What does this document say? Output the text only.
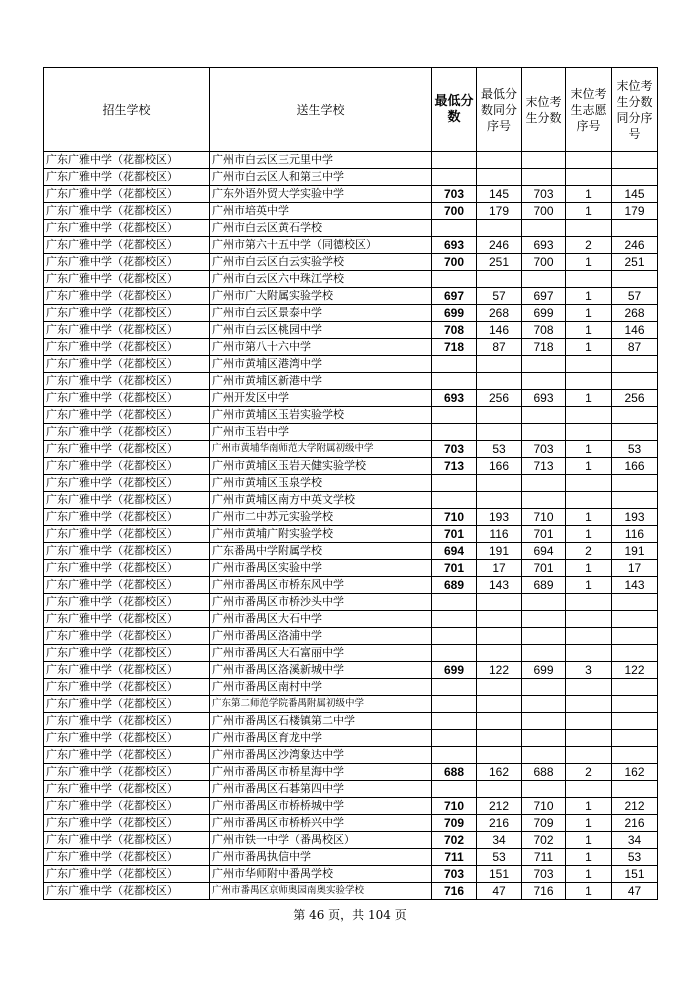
招生学校	送生学校	最低分数	最低分数同分序号	末位考生分数	末位考生志愿序号	末位考生分数同分序号
广东广雅中学（花都校区）	广州市白云区三元里中学					
广东广雅中学（花都校区）	广州市白云区人和第三中学					
广东广雅中学（花都校区）	广东外语外贸大学实验中学	703	145	703	1	145
广东广雅中学（花都校区）	广州市培英中学	700	179	700	1	179
广东广雅中学（花都校区）	广州市白云区黄石学校					
广东广雅中学（花都校区）	广州市第六十五中学（同德校区）	693	246	693	2	246
广东广雅中学（花都校区）	广州市白云区白云实验学校	700	251	700	1	251
广东广雅中学（花都校区）	广州市白云区六中珠江学校					
广东广雅中学（花都校区）	广州市广大附属实验学校	697	57	697	1	57
广东广雅中学（花都校区）	广州市白云区景泰中学	699	268	699	1	268
广东广雅中学（花都校区）	广州市白云区桃园中学	708	146	708	1	146
广东广雅中学（花都校区）	广州市第八十六中学	718	87	718	1	87
广东广雅中学（花都校区）	广州市黄埔区港湾中学					
广东广雅中学（花都校区）	广州市黄埔区新港中学					
广东广雅中学（花都校区）	广州开发区中学	693	256	693	1	256
广东广雅中学（花都校区）	广州市黄埔区玉岩实验学校					
广东广雅中学（花都校区）	广州市玉岩中学					
广东广雅中学（花都校区）	广州市黄埔华南师范大学附属初级中学	703	53	703	1	53
广东广雅中学（花都校区）	广州市黄埔区玉岩天健实验学校	713	166	713	1	166
广东广雅中学（花都校区）	广州市黄埔区玉泉学校					
广东广雅中学（花都校区）	广州市黄埔区南方中英文学校					
广东广雅中学（花都校区）	广州市二中苏元实验学校	710	193	710	1	193
广东广雅中学（花都校区）	广州市黄埔广附实验学校	701	116	701	1	116
广东广雅中学（花都校区）	广东番禺中学附属学校	694	191	694	2	191
广东广雅中学（花都校区）	广州市番禺区实验中学	701	17	701	1	17
广东广雅中学（花都校区）	广州市番禺区市桥东风中学	689	143	689	1	143
广东广雅中学（花都校区）	广州市番禺区市桥沙头中学					
广东广雅中学（花都校区）	广州市番禺区大石中学					
广东广雅中学（花都校区）	广州市番禺区洛浦中学					
广东广雅中学（花都校区）	广州市番禺区大石富丽中学					
广东广雅中学（花都校区）	广州市番禺区洛溪新城中学	699	122	699	3	122
广东广雅中学（花都校区）	广州市番禺区南村中学					
广东广雅中学（花都校区）	广东第二师范学院番禺附属初级中学					
广东广雅中学（花都校区）	广州市番禺区石楼镇第二中学					
广东广雅中学（花都校区）	广州市番禺区育龙中学					
广东广雅中学（花都校区）	广州市番禺区沙湾象达中学					
广东广雅中学（花都校区）	广州市番禺区市桥星海中学	688	162	688	2	162
广东广雅中学（花都校区）	广州市番禺区石碁第四中学					
广东广雅中学（花都校区）	广州市番禺区市桥桥城中学	710	212	710	1	212
广东广雅中学（花都校区）	广州市番禺区市桥桥兴中学	709	216	709	1	216
广东广雅中学（花都校区）	广州市铁一中学（番禺校区）	702	34	702	1	34
广东广雅中学（花都校区）	广州市番禺执信中学	711	53	711	1	53
广东广雅中学（花都校区）	广州市华师附中番禺学校	703	151	703	1	151
广东广雅中学（花都校区）	广州市番禺区京师奥园南奥实验学校	716	47	716	1	47
第 46 页，共 104 页
